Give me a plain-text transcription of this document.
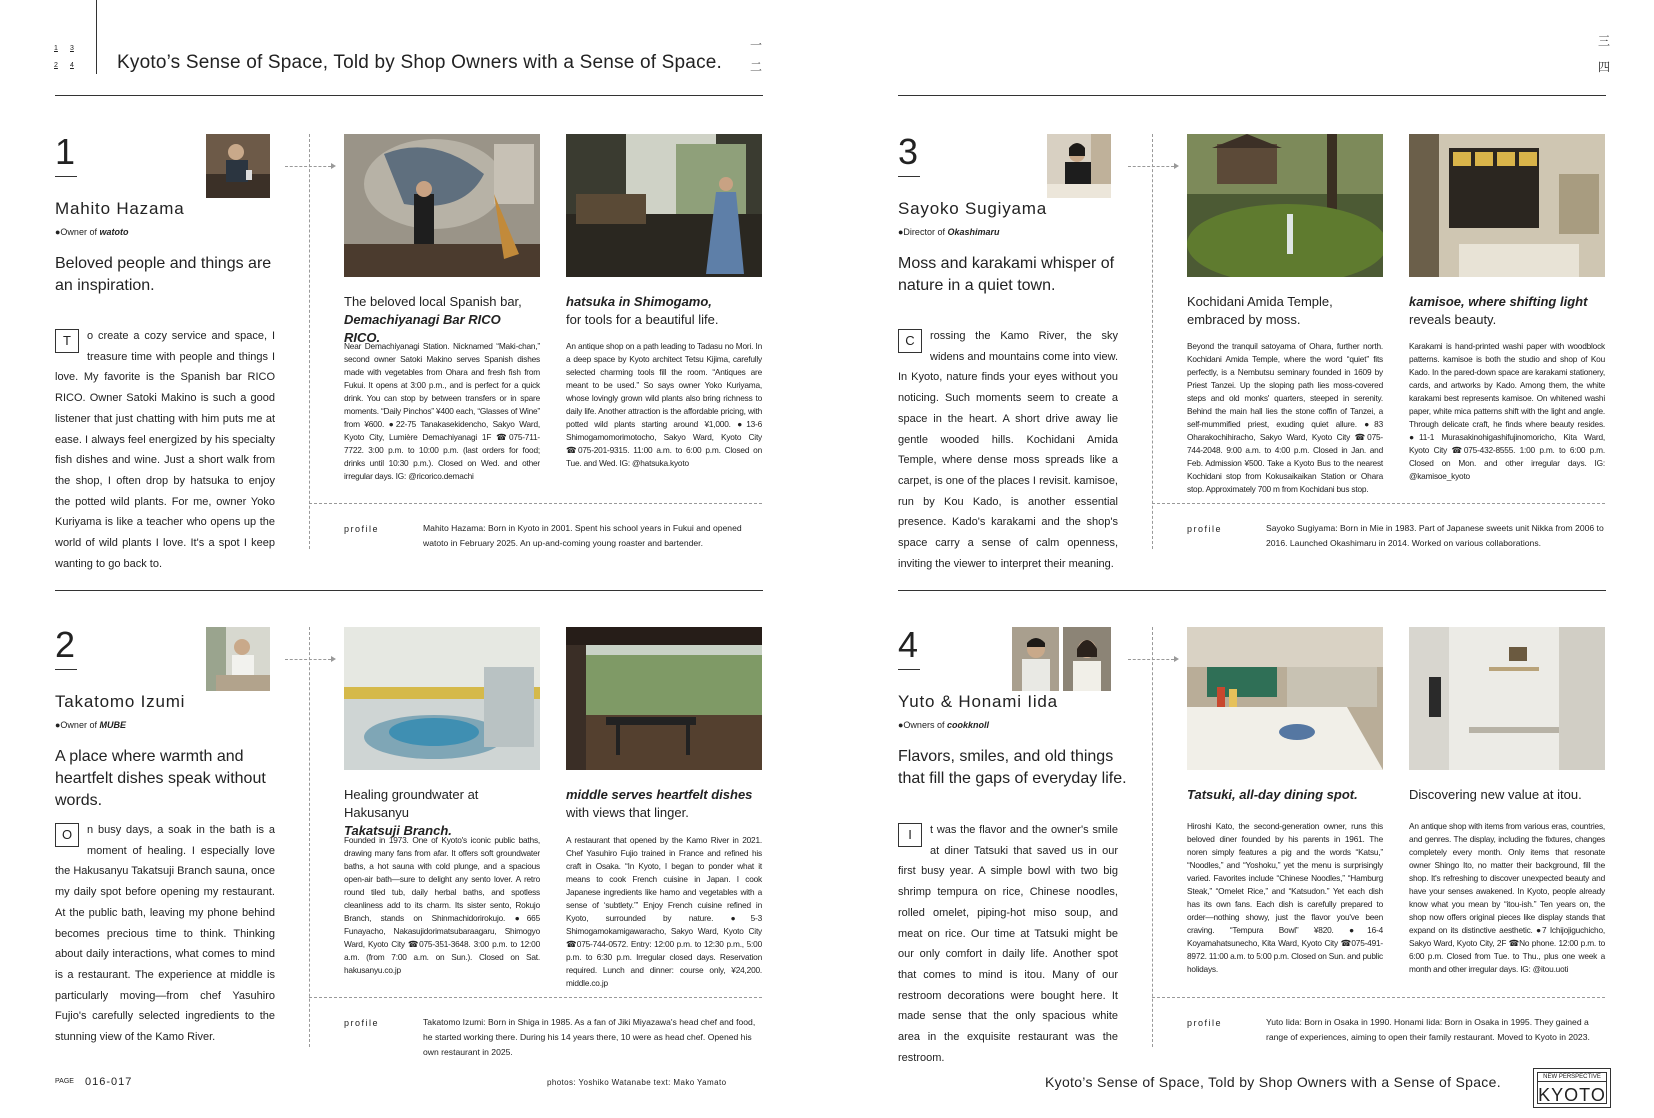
1 3
2 4 Kyoto’s Sense of Space, Told by Shop Owners with a Sense of Space.
一
二
三
四
1
Mahito Hazama
●Owner of watoto
Beloved people and things are an inspiration.
T	o create a cozy service and space, I treasure time with people and things I love. My favorite is the Spanish bar RICO RICO. Owner Satoki Makino is such a good listener that just chatting with him puts me at ease. I always feel energized by his specialty fish dishes and wine. Just a short walk from the shop, I often drop by hatsuka to enjoy the potted wild plants. For me, owner Yoko Kuriyama is like a teacher who opens up the world of wild plants I love. It's a spot I keep wanting to go back to.
The beloved local Spanish bar,
Demachiyanagi Bar RICO RICO.
hatsuka in Shimogamo,
for tools for a beautiful life.
Near Demachiyanagi Station. Nicknamed “Maki-chan,” second owner Satoki Makino serves Spanish dishes made with vegetables from Ohara and fresh fish from Fukui. It opens at 3:00 p.m., and is perfect for a quick drink. You can stop by between transfers or in spare moments. “Daily Pinchos” ¥400 each, “Glasses of Wine” from ¥600. ●22-75 Tanakasekidencho, Sakyo Ward, Kyoto City, Lumière Demachiyanagi 1F ☎075-711-7722. 3:00 p.m. to 10:00 p.m. (last orders for food; drinks until 10:30 p.m.). Closed on Wed. and other irregular days. IG: @ricorico.demachi
An antique shop on a path leading to Tadasu no Mori. In a deep space by Kyoto architect Tetsu Kijima, carefully selected charming tools fill the room. “Antiques are meant to be used.” So says owner Yoko Kuriyama, whose lovingly grown wild plants also bring richness to daily life. Another attraction is the affordable pricing, with potted wild plants starting around ¥1,000. ●13-6 Shimogamomorimotocho, Sakyo Ward, Kyoto City ☎075-201-9315. 11:00 a.m. to 6:00 p.m. Closed on Tue. and Wed. IG: @hatsuka.kyoto
profile	Mahito Hazama: Born in Kyoto in 2001. Spent his school years in Fukui and opened watoto in February 2025. An up-and-coming young roaster and bartender.
2
Takatomo Izumi
●Owner of MUBE
A place where warmth and heartfelt dishes speak without words.
O	n busy days, a soak in the bath is a moment of healing. I especially love the Hakusanyu Takatsuji Branch sauna, once my daily spot before opening my restaurant. At the public bath, leaving my phone behind becomes precious time to think. Thinking about daily interactions, what comes to mind is a restaurant. The experience at middle is particularly moving—from chef Yasuhiro Fujio's carefully selected ingredients to the stunning view of the Kamo River.
Healing groundwater at Hakusanyu
Takatsuji Branch.
middle serves heartfelt dishes
with views that linger.
Founded in 1973. One of Kyoto's iconic public baths, drawing many fans from afar. It offers soft groundwater baths, a hot sauna with cold plunge, and a spacious open-air bath—sure to delight any sento lover. A retro round tiled tub, daily herbal baths, and spotless cleanliness add to its charm. Its sister sento, Rokujo Branch, stands on Shinmachidorirokujo. ●665 Funayacho, Nakasujidorimatsubaraagaru, Shimogyo Ward, Kyoto City ☎075-351-3648. 3:00 p.m. to 12:00 a.m. (from 7:00 a.m. on Sun.). Closed on Sat. hakusanyu.co.jp
A restaurant that opened by the Kamo River in 2021. Chef Yasuhiro Fujio trained in France and refined his craft in Osaka. “In Kyoto, I began to ponder what it means to cook French cuisine in Japan. I cook Japanese ingredients like hamo and vegetables with a sense of ‘subtlety.’” Enjoy French cuisine refined in Kyoto, surrounded by nature. ●5-3 Shimogamokamigawaracho, Sakyo Ward, Kyoto City ☎075-744-0572. Entry: 12:00 p.m. to 12:30 p.m., 5:00 p.m. to 6:30 p.m. Irregular closed days. Reservation required. Lunch and dinner: course only, ¥24,200. middle.co.jp
profile	Takatomo Izumi: Born in Shiga in 1985. As a fan of Jiki Miyazawa's head chef and food, he started working there. During his 14 years there, 10 were as head chef. Opened his own restaurant in 2025.
3
Sayoko Sugiyama
●Director of Okashimaru
Moss and karakami whisper of nature in a quiet town.
C	rossing the Kamo River, the sky widens and mountains come into view. In Kyoto, nature finds your eyes without you noticing. Such moments seem to create a space in the heart. A short drive away lie gentle wooded hills. Kochidani Amida Temple, where dense moss spreads like a carpet, is one of the places I revisit. kamisoe, run by Kou Kado, is another essential presence. Kado's karakami and the shop's space carry a sense of calm openness, inviting the viewer to interpret their meaning.
Kochidani Amida Temple,
embraced by moss.
kamisoe, where shifting light
reveals beauty.
Beyond the tranquil satoyama of Ohara, further north. Kochidani Amida Temple, where the word “quiet” fits perfectly, is a Nembutsu seminary founded in 1609 by Priest Tanzei. Up the sloping path lies moss-covered steps and old monks' quarters, steeped in serenity. Behind the main hall lies the stone coffin of Tanzei, a self-mummified priest, exuding quiet allure. ●83 Oharakochihiracho, Sakyo Ward, Kyoto City ☎075-744-2048. 9:00 a.m. to 4:00 p.m. Closed in Jan. and Feb. Admission ¥500. Take a Kyoto Bus to the nearest Kochidani stop from Kokusaikaikan Station or Ohara stop. Approximately 700 m from Kochidani bus stop.
Karakami is hand-printed washi paper with woodblock patterns. kamisoe is both the studio and shop of Kou Kado. In the pared-down space are karakami stationery, cards, and artworks by Kado. Among them, the white karakami best represents kamisoe. On whitened washi paper, white mica patterns shift with the light and angle. Through delicate craft, he finds where beauty resides. ●11-1 Murasakinohigashifujinomoricho, Kita Ward, Kyoto City ☎075-432-8555. 1:00 p.m. to 6:00 p.m. Closed on Mon. and other irregular days. IG: @kamisoe_kyoto
profile	Sayoko Sugiyama: Born in Mie in 1983. Part of Japanese sweets unit Nikka from 2006 to 2016. Launched Okashimaru in 2014. Worked on various collaborations.
4
Yuto & Honami Iida
●Owners of cookknoll
Flavors, smiles, and old things that fill the gaps of everyday life.
I	t was the flavor and the owner's smile at diner Tatsuki that saved us in our first busy year. A simple bowl with two big shrimp tempura on rice, Chinese noodles, rolled omelet, piping-hot miso soup, and meat on rice. Our time at Tatsuki might be our only comfort in daily life. Another spot that comes to mind is itou. Many of our restroom decorations were bought here. It made sense that the only spacious white area in the exquisite restaurant was the restroom.
Tatsuki, all-day dining spot.	Discovering new value at itou.
Hiroshi Kato, the second-generation owner, runs this beloved diner founded by his parents in 1961. The noren simply features a pig and the words “Katsu,” “Noodles,” and “Yoshoku,” yet the menu is surprisingly varied. Favorites include “Chinese Noodles,” “Hamburg Steak,” “Omelet Rice,” and “Katsudon.” Yet each dish has its own fans. Each dish is carefully prepared to order—nothing showy, just the flavor you've been craving. “Tempura Bowl” ¥820. ●16-4 Koyamahatsunecho, Kita Ward, Kyoto City ☎075-491-8972. 11:00 a.m. to 5:00 p.m. Closed on Sun. and public holidays.
An antique shop with items from various eras, countries, and genres. The display, including the fixtures, changes completely every month. Only items that resonate owner Shingo Ito, no matter their background, fill the shop. It's refreshing to discover unexpected beauty and have your senses awakened. In Kyoto, people already know what you mean by “itou-ish.” Ten years on, the shop now offers original pieces like display stands that expand on its distinctive aesthetic. ●7 Ichijojiguchicho, Sakyo Ward, Kyoto City, 2F ☎No phone. 12:00 p.m. to 6:00 p.m. Closed from Tue. to Thu., plus one week a month and other irregular days. IG: @itou.uoti
profile	Yuto Iida: Born in Osaka in 1990. Honami Iida: Born in Osaka in 1995. They gained a range of experiences, aiming to open their family restaurant. Moved to Kyoto in 2023.
PAGE 016-017	photos: Yoshiko Watanabe text: Mako Yamato	Kyoto’s Sense of Space, Told by Shop Owners with a Sense of Space.	NEW PERSPECTIVE
KYOTO
